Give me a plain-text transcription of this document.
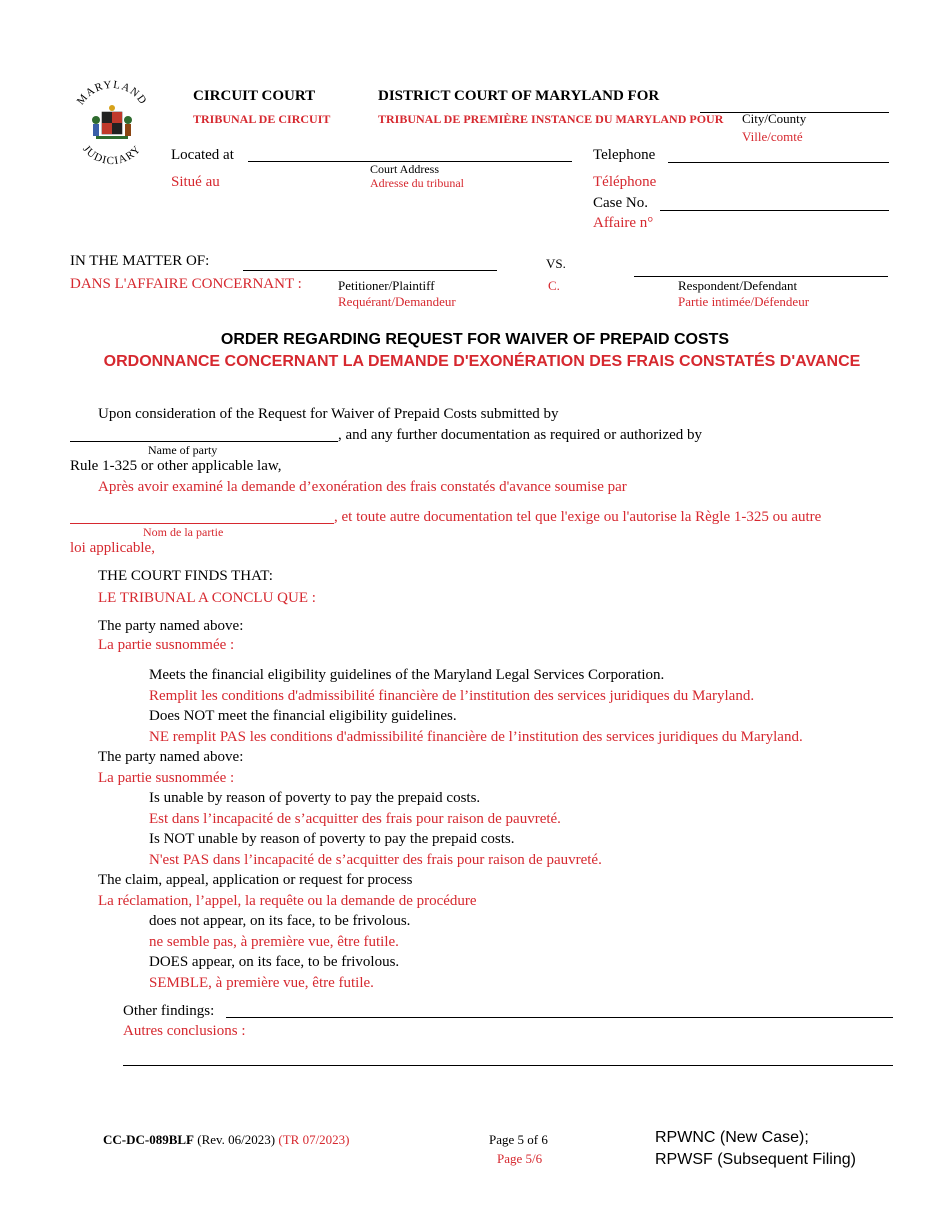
MARYLAND
JUDICIARY
CIRCUIT COURT
TRIBUNAL DE CIRCUIT
DISTRICT COURT OF MARYLAND FOR
TRIBUNAL DE PREMIÈRE INSTANCE DU MARYLAND POUR City/County
Ville/comté
Located at
Court Address
Adresse du tribunal
Situé au
Telephone
Téléphone
Case No.
Affaire n°
IN THE MATTER OF:
DANS L'AFFAIRE CONCERNANT :	Petitioner/Plaintiff
Requérant/Demandeur
VS.
C.	Respondent/Defendant
Partie intimée/Défendeur
ORDER REGARDING REQUEST FOR WAIVER OF PREPAID COSTS
ORDONNANCE CONCERNANT LA DEMANDE D'EXONÉRATION DES FRAIS CONSTATÉS D'AVANCE
Upon consideration of the Request for Waiver of Prepaid Costs submitted by
, and any further documentation as required or authorized by
Name of party
Rule 1-325 or other applicable law,
Après avoir examiné la demande d’exonération des frais constatés d'avance soumise par
, et toute autre documentation tel que l'exige ou l'autorise la Règle 1-325 ou autre
Nom de la partie
loi applicable,
THE COURT FINDS THAT:
LE TRIBUNAL A CONCLU QUE :
The party named above:
La partie susnommée :
Meets the financial eligibility guidelines of the Maryland Legal Services Corporation.
Remplit les conditions d'admissibilité financière de l’institution des services juridiques du Maryland.
Does NOT meet the financial eligibility guidelines.
NE remplit PAS les conditions d'admissibilité financière de l’institution des services juridiques du Maryland.
The party named above:
La partie susnommée :
Is unable by reason of poverty to pay the prepaid costs.
Est dans l’incapacité de s’acquitter des frais pour raison de pauvreté.
Is NOT unable by reason of poverty to pay the prepaid costs.
N'est PAS dans l’incapacité de s’acquitter des frais pour raison de pauvreté.
The claim, appeal, application or request for process
La réclamation, l’appel, la requête ou la demande de procédure
does not appear, on its face, to be frivolous.
ne semble pas, à première vue, être futile.
DOES appear, on its face, to be frivolous.
SEMBLE, à première vue, être futile.
Other findings:
Autres conclusions :
CC-DC-089BLF (Rev. 06/2023) (TR 07/2023)	Page 5 of 6
Page 5/6
RPWNC (New Case);
RPWSF (Subsequent Filing)
